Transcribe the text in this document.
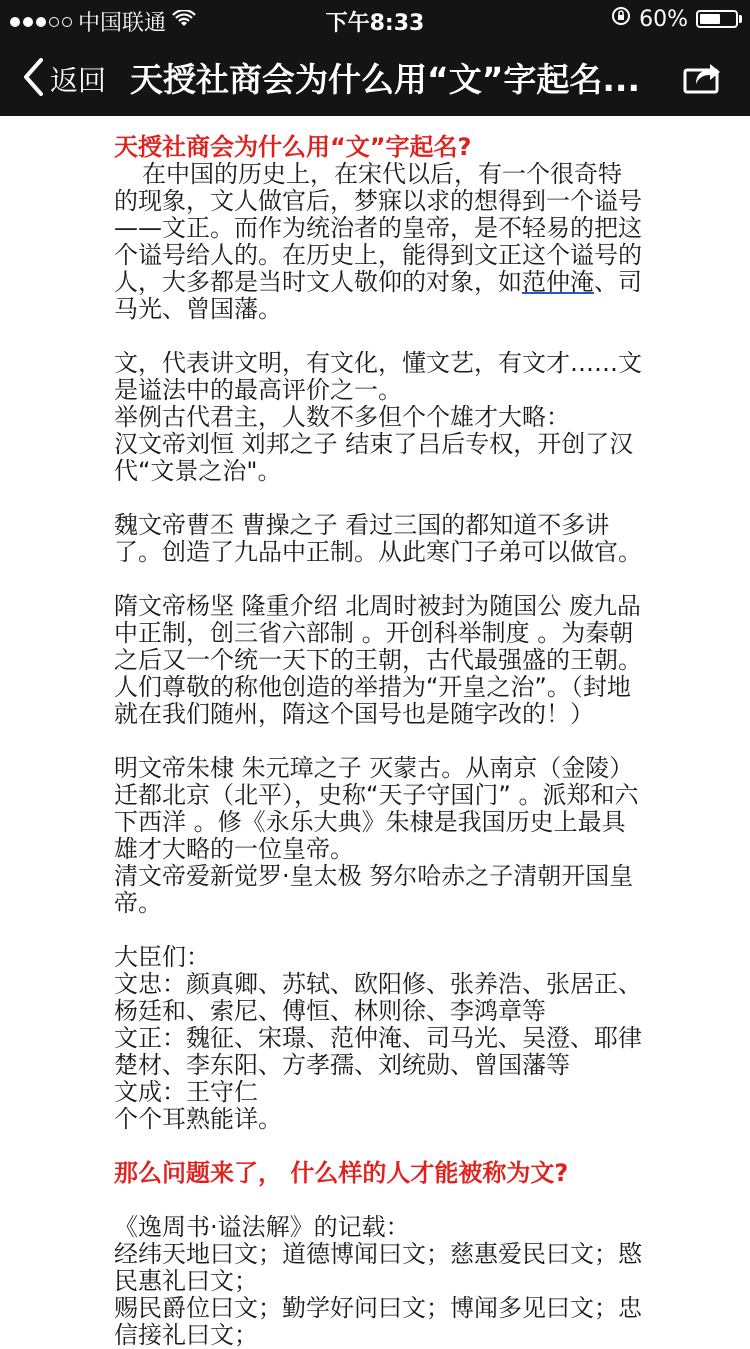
中国联通	下午8:33	60%
返回 天授社商会为什么用“文”字起名...

天授社商会为什么用“文”字起名?

在中国的历史上，在宋代以后，有一个很奇特的现象，文人做官后，梦寐以求的想得到一个谥号——文正。而作为统治者的皇帝，是不轻易的把这个谥号给人的。在历史上，能得到文正这个谥号的人，大多都是当时文人敬仰的对象，如范仲淹、司马光、曾国藩。

文，代表讲文明，有文化，懂文艺，有文才……文是谥法中的最高评价之一。

举例古代君主，人数不多但个个雄才大略：

汉文帝刘恒 刘邦之子 结束了吕后专权，开创了汉代“文景之治"。

魏文帝曹丕 曹操之子 看过三国的都知道不多讲了。创造了九品中正制。从此寒门子弟可以做官。

隋文帝杨坚 隆重介绍 北周时被封为随国公 废九品中正制，创三省六部制 。开创科举制度 。为秦朝之后又一个统一天下的王朝，古代最强盛的王朝。人们尊敬的称他创造的举措为“开皇之治”。（封地就在我们随州，隋这个国号也是随字改的！）

明文帝朱棣 朱元璋之子 灭蒙古。从南京（金陵）迁都北京（北平），史称“天子守国门” 。派郑和六下西洋 。修《永乐大典》朱棣是我国历史上最具雄才大略的一位皇帝。

清文帝爱新觉罗·皇太极 努尔哈赤之子清朝开国皇帝。

大臣们：

文忠：颜真卿、苏轼、欧阳修、张养浩、张居正、杨廷和、索尼、傅恒、林则徐、李鸿章等

文正：魏征、宋璟、范仲淹、司马光、吴澄、耶律楚材、李东阳、方孝孺、刘统勋、曾国藩等

文成：王守仁

个个耳熟能详。

那么问题来了， 什么样的人才能被称为文?

《逸周书·谥法解》的记载：

经纬天地曰文；道德博闻曰文；慈惠爱民曰文；愍民惠礼曰文；

赐民爵位曰文；勤学好问曰文；博闻多见曰文；忠信接礼曰文；
